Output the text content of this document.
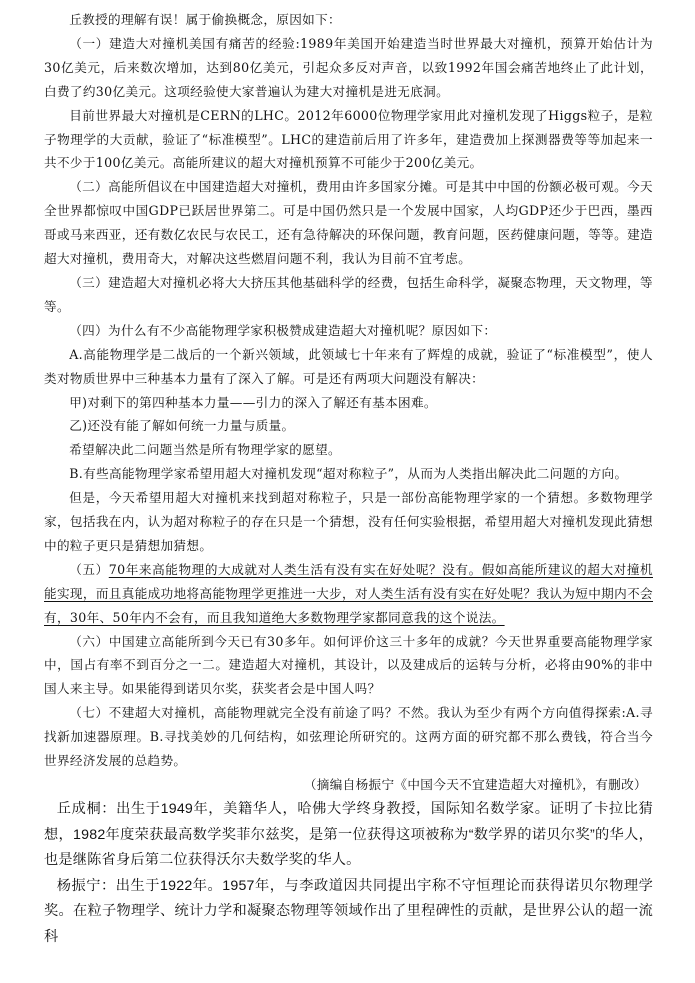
丘教授的理解有误！属于偷换概念，原因如下：

（一）建造大对撞机美国有痛苦的经验:1989年美国开始建造当时世界最大对撞机，预算开始估计为30亿美元，后来数次增加，达到80亿美元，引起众多反对声音，以致1992年国会痛苦地终止了此计划，白费了约30亿美元。这项经验使大家普遍认为建大对撞机是进无底洞。

目前世界最大对撞机是CERN的LHC。2012年6000位物理学家用此对撞机发现了Higgs粒子，是粒子物理学的大贡献，验证了“标准模型”。LHC的建造前后用了许多年，建造费加上探测器费等等加起来一共不少于100亿美元。高能所建议的超大对撞机预算不可能少于200亿美元。

（二）高能所倡议在中国建造超大对撞机，费用由许多国家分摊。可是其中中国的份额必极可观。今天全世界都惊叹中国GDP已跃居世界第二。可是中国仍然只是一个发展中国家，人均GDP还少于巴西，墨西哥或马来西亚，还有数亿农民与农民工，还有急待解决的环保问题，教育问题，医药健康问题，等等。建造超大对撞机，费用奇大，对解决这些燃眉问题不利，我认为目前不宜考虑。

（三）建造超大对撞机必将大大挤压其他基础科学的经费，包括生命科学，凝聚态物理，天文物理，等等。

（四）为什么有不少高能物理学家积极赞成建造超大对撞机呢？原因如下：

A.高能物理学是二战后的一个新兴领域，此领域七十年来有了辉煌的成就，验证了“标准模型”，使人类对物质世界中三种基本力量有了深入了解。可是还有两项大问题没有解决：

甲)对剩下的第四种基本力量——引力的深入了解还有基本困难。

乙)还没有能了解如何统一力量与质量。

希望解决此二问题当然是所有物理学家的愿望。

B.有些高能物理学家希望用超大对撞机发现“超对称粒子”，从而为人类指出解决此二问题的方向。

但是，今天希望用超大对撞机来找到超对称粒子，只是一部份高能物理学家的一个猜想。多数物理学家，包括我在内，认为超对称粒子的存在只是一个猜想，没有任何实验根据，希望用超大对撞机发现此猜想中的粒子更只是猜想加猜想。

（五）70年来高能物理的大成就对人类生活有没有实在好处呢？没有。假如高能所建议的超大对撞机能实现，而且真能成功地将高能物理学更推进一大步，对人类生活有没有实在好处呢？我认为短中期内不会有，30年、50年内不会有，而且我知道绝大多数物理学家都同意我的这个说法。

（六）中国建立高能所到今天已有30多年。如何评价这三十多年的成就？今天世界重要高能物理学家中，国占有率不到百分之一二。建造超大对撞机，其设计，以及建成后的运转与分析，必将由90%的非中国人来主导。如果能得到诺贝尔奖，获奖者会是中国人吗？

（七）不建超大对撞机，高能物理就完全没有前途了吗？不然。我认为至少有两个方向值得探索:A.寻找新加速器原理。B.寻找美妙的几何结构，如弦理论所研究的。这两方面的研究都不那么费钱，符合当今世界经济发展的总趋势。

（摘编自杨振宁《中国今天不宜建造超大对撞机》，有删改）

丘成桐：出生于1949年，美籍华人，哈佛大学终身教授，国际知名数学家。证明了卡拉比猜想，1982年度荣获最高数学奖菲尔兹奖，是第一位获得这项被称为“数学界的诺贝尔奖”的华人，也是继陈省身后第二位获得沃尔夫数学奖的华人。

杨振宁：出生于1922年。1957年，与李政道因共同提出宇称不守恒理论而获得诺贝尔物理学奖。在粒子物理学、统计力学和凝聚态物理等领域作出了里程碑性的贡献，是世界公认的超一流科
